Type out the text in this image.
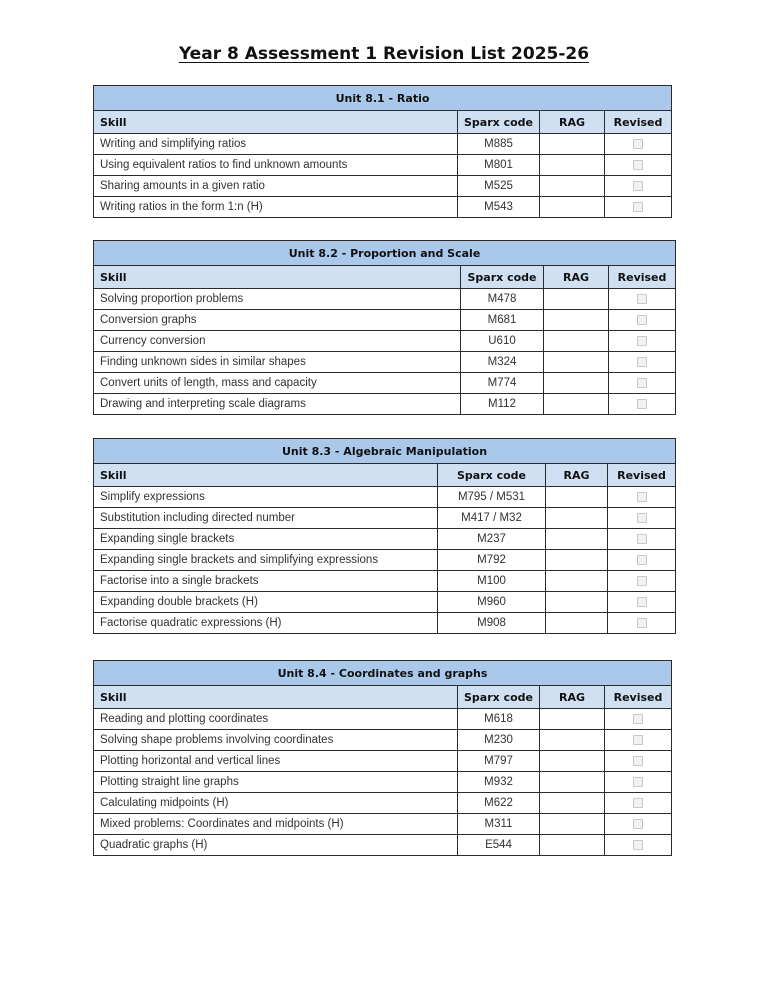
Year 8 Assessment 1 Revision List 2025-26
Unit 8.1 - Ratio			
Skill	Sparx code	RAG	Revised
Writing and simplifying ratios	M885		
Using equivalent ratios to find unknown amounts	M801		
Sharing amounts in a given ratio	M525		
Writing ratios in the form 1:n (H)	M543		
Unit 8.2 - Proportion and Scale			
Skill	Sparx code	RAG	Revised
Solving proportion problems	M478		
Conversion graphs	M681		
Currency conversion	U610		
Finding unknown sides in similar shapes	M324		
Convert units of length, mass and capacity	M774		
Drawing and interpreting scale diagrams	M112		
Unit 8.3 - Algebraic Manipulation			
Skill	Sparx code	RAG	Revised
Simplify expressions	M795 / M531		
Substitution including directed number	M417 / M32		
Expanding single brackets	M237		
Expanding single brackets and simplifying expressions	M792		
Factorise into a single brackets	M100		
Expanding double brackets (H)	M960		
Factorise quadratic expressions (H)	M908		
Unit 8.4 - Coordinates and graphs			
Skill	Sparx code	RAG	Revised
Reading and plotting coordinates	M618		
Solving shape problems involving coordinates	M230		
Plotting horizontal and vertical lines	M797		
Plotting straight line graphs	M932		
Calculating midpoints (H)	M622		
Mixed problems: Coordinates and midpoints (H)	M311		
Quadratic graphs (H)	E544		
